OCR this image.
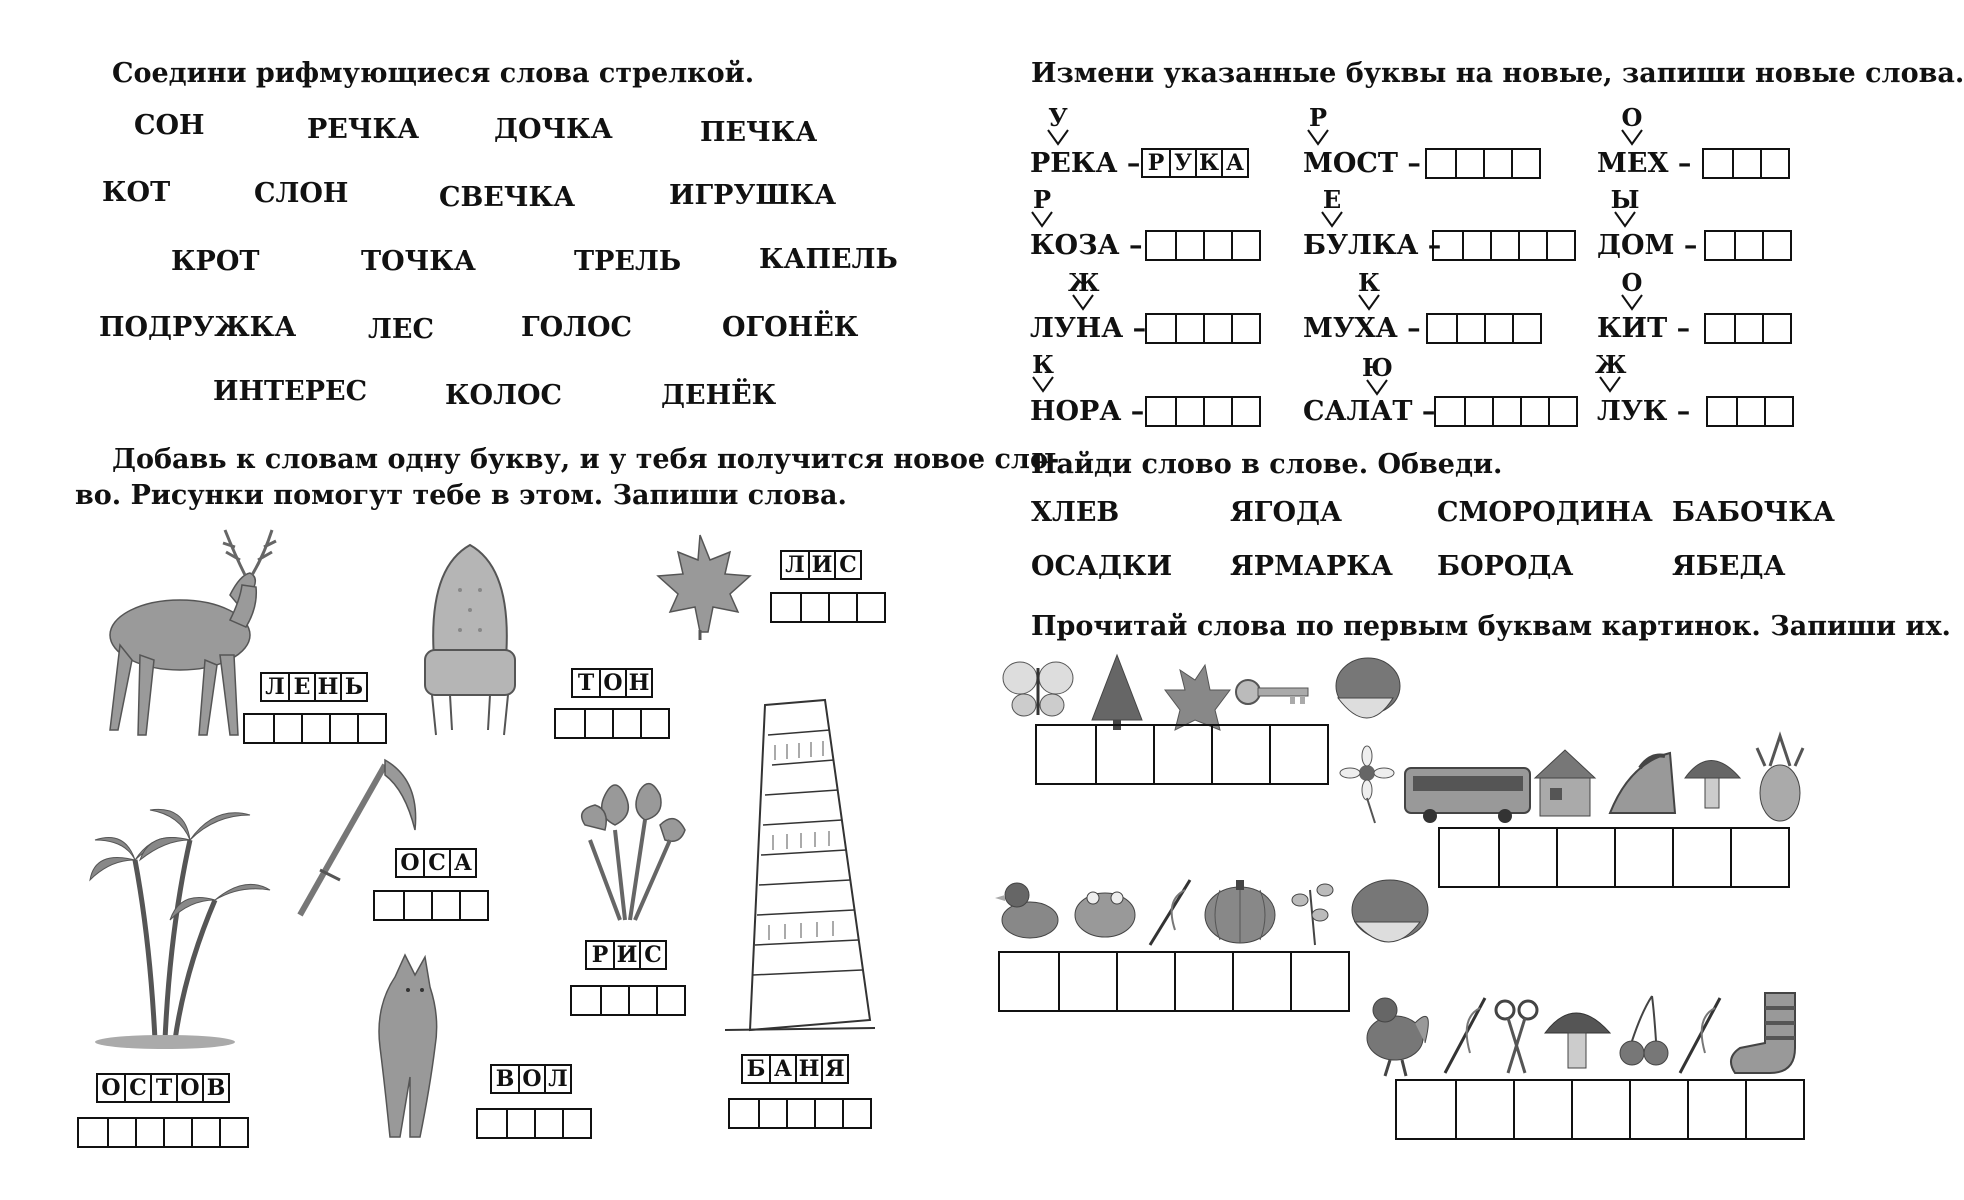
Соедини рифмующиеся слова стрелкой.
СОН	РЕЧКА	ДОЧКА	ПЕЧКА
КОТ	СЛОН	СВЕЧКА	ИГРУШКА
КРОТ	ТОЧКА	ТРЕЛЬ	КАПЕЛЬ
ПОДРУЖКА	ЛЕС	ГОЛОС	ОГОНЁК
ИНТЕРЕС	КОЛОС	ДЕНЁК
Добавь к словам одну букву, и у тебя получится новое сло-
во. Рисунки помогут тебе в этом. Запиши слова.
Л Е Н Ь	Т О Н
Л И С
О С Т О В
О С А
В О Л
Р И С
Б А Н Я
Измени указанные буквы на новые, запиши новые слова.
У
РЕКА – Р У К А
Р
МОСТ –
О
МЕХ –
Р
КОЗА –
Е
БУЛКА –
Ы
ДОМ –
Ж
ЛУНА –
К
МУХА –
О
КИТ –
К
НОРА –
Ю
САЛАТ –
Ж
ЛУК –
Найди слово в слове. Обведи.
ХЛЕВ	ЯГОДА	СМОРОДИНА БАБОЧКА
ОСАДКИ ЯРМАРКА БОРОДА	ЯБЕДА
Прочитай слова по первым буквам картинок. Запиши их.
